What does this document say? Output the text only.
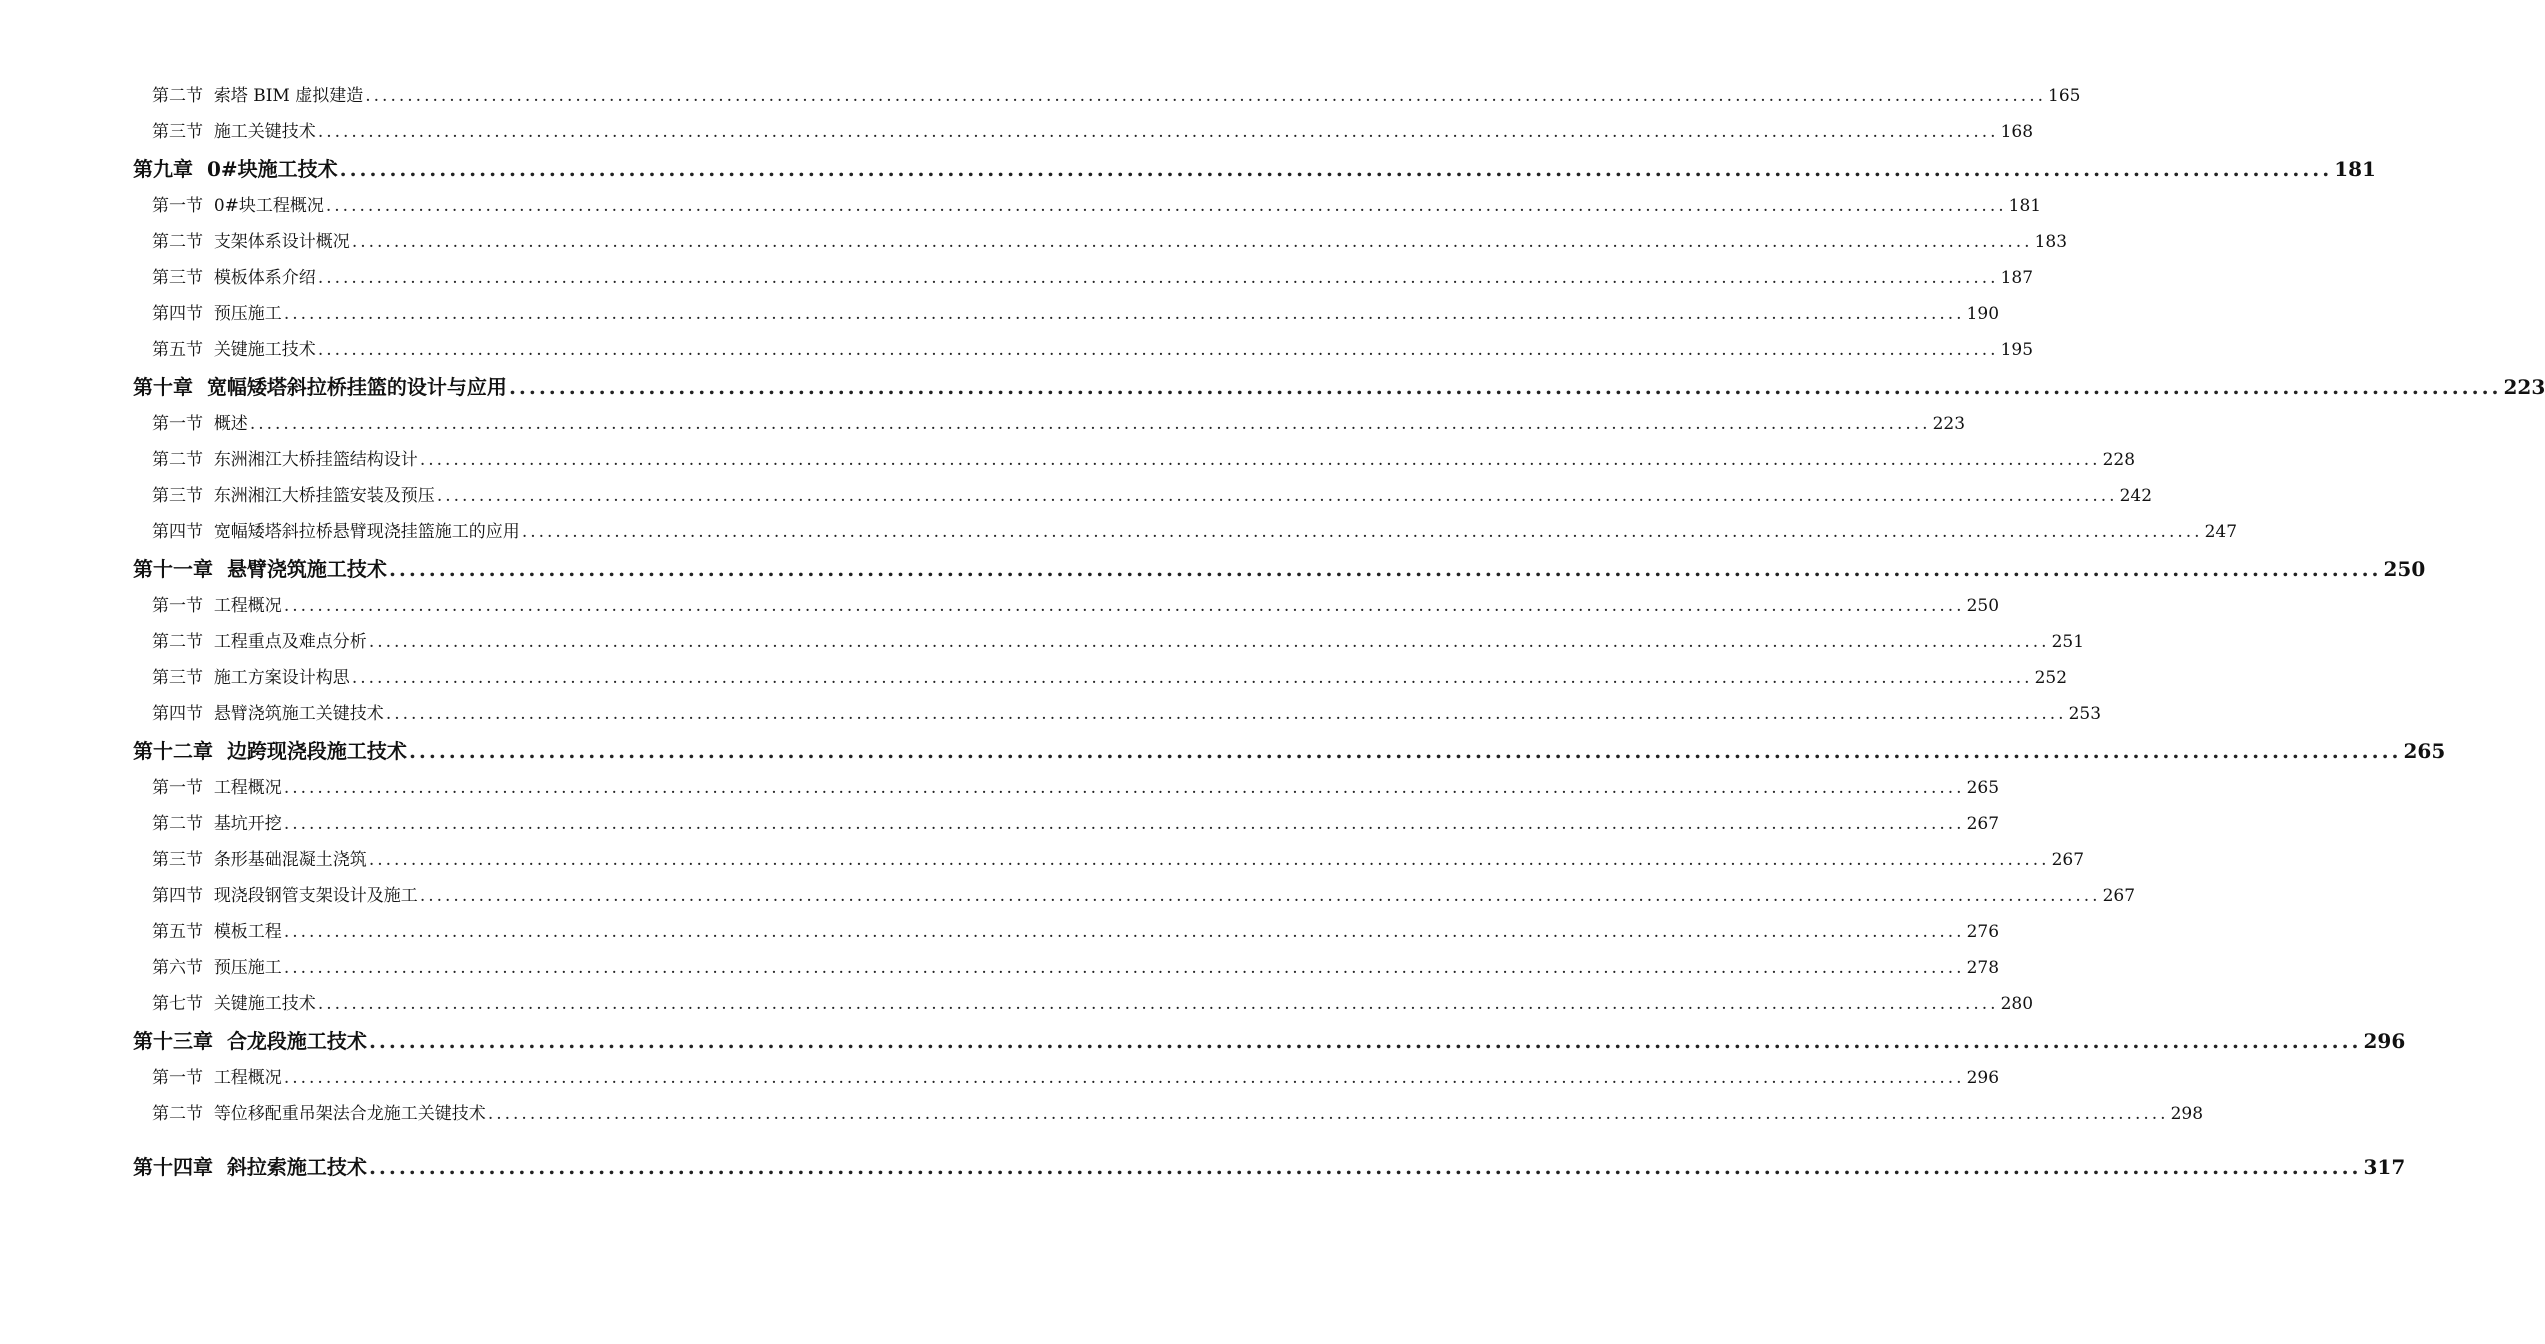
第二节 索塔 BIM 虚拟建造 ........................................................................................................................................................................................................ 165
第三节 施工关键技术 ........................................................................................................................................................................................................ 168
第九章 0#块施工技术 ........................................................................................................................................................................................................ 181
第一节 0#块工程概况 ........................................................................................................................................................................................................ 181
第二节 支架体系设计概况 ........................................................................................................................................................................................................ 183
第三节 模板体系介绍 ........................................................................................................................................................................................................ 187
第四节 预压施工 ........................................................................................................................................................................................................ 190
第五节 关键施工技术 ........................................................................................................................................................................................................ 195
第十章 宽幅矮塔斜拉桥挂篮的设计与应用 ........................................................................................................................................................................................................ 223
第一节 概述 ........................................................................................................................................................................................................ 223
第二节 东洲湘江大桥挂篮结构设计 ........................................................................................................................................................................................................ 228
第三节 东洲湘江大桥挂篮安装及预压 ........................................................................................................................................................................................................ 242
第四节 宽幅矮塔斜拉桥悬臂现浇挂篮施工的应用 ........................................................................................................................................................................................................ 247
第十一章 悬臂浇筑施工技术 ........................................................................................................................................................................................................ 250
第一节 工程概况 ........................................................................................................................................................................................................ 250
第二节 工程重点及难点分析 ........................................................................................................................................................................................................ 251
第三节 施工方案设计构思 ........................................................................................................................................................................................................ 252
第四节 悬臂浇筑施工关键技术 ........................................................................................................................................................................................................ 253
第十二章 边跨现浇段施工技术 ........................................................................................................................................................................................................ 265
第一节 工程概况 ........................................................................................................................................................................................................ 265
第二节 基坑开挖 ........................................................................................................................................................................................................ 267
第三节 条形基础混凝土浇筑 ........................................................................................................................................................................................................ 267
第四节 现浇段钢管支架设计及施工 ........................................................................................................................................................................................................ 267
第五节 模板工程 ........................................................................................................................................................................................................ 276
第六节 预压施工 ........................................................................................................................................................................................................ 278
第七节 关键施工技术 ........................................................................................................................................................................................................ 280
第十三章 合龙段施工技术 ........................................................................................................................................................................................................ 296
第一节 工程概况 ........................................................................................................................................................................................................ 296
第二节 等位移配重吊架法合龙施工关键技术 ........................................................................................................................................................................................................ 298
第十四章 斜拉索施工技术 ........................................................................................................................................................................................................ 317
